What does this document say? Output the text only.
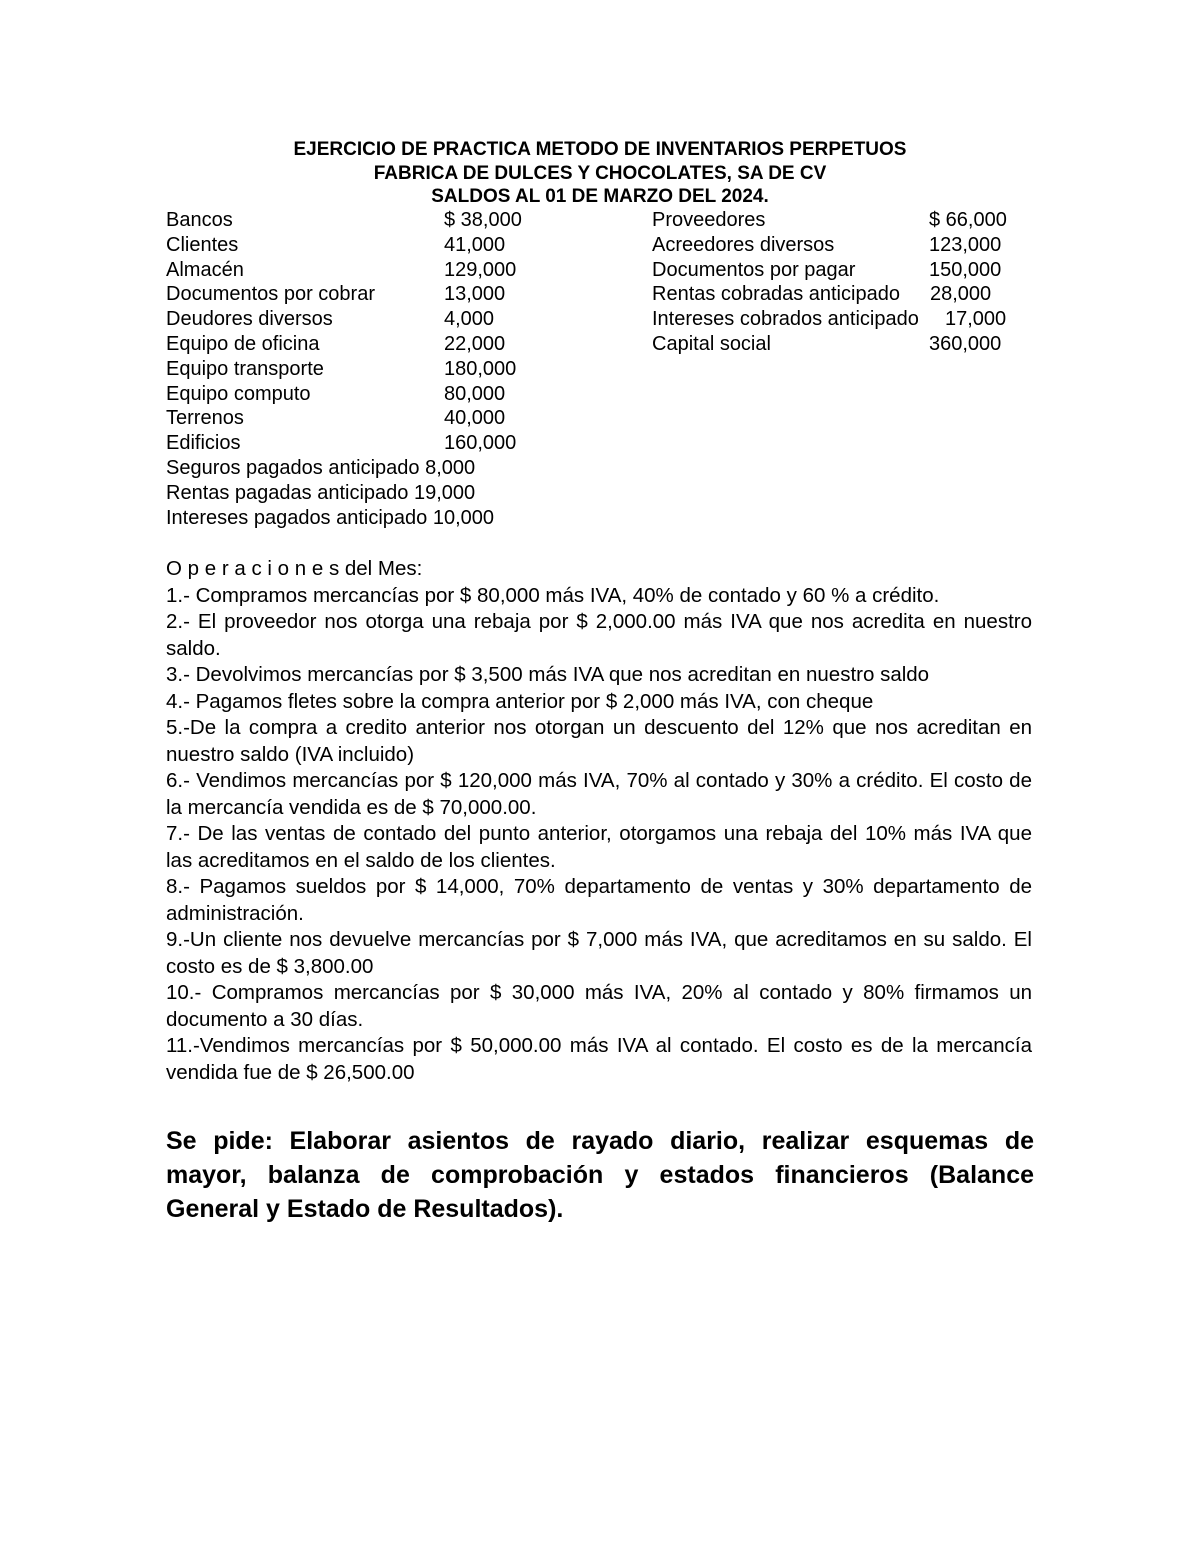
EJERCICIO DE PRACTICA METODO DE INVENTARIOS PERPETUOS
FABRICA DE DULCES Y CHOCOLATES, SA DE CV
SALDOS AL 01 DE MARZO DEL 2024.
Bancos	$ 38,000	Proveedores	$ 66,000
Clientes	41,000	Acreedores diversos	123,000
Almacén	129,000	Documentos por pagar	150,000
Documentos por cobrar	13,000	Rentas cobradas anticipado 28,000
Deudores diversos	4,000	Intereses cobrados anticipado 17,000
Equipo de oficina	22,000	Capital social	360,000
Equipo transporte	180,000
Equipo computo	80,000
Terrenos	40,000
Edificios	160,000
Seguros pagados anticipado 8,000
Rentas pagadas anticipado 19,000
Intereses pagados anticipado 10,000
O p e r a c i o n e s del Mes:
1.- Compramos mercancías por $ 80,000 más IVA, 40% de contado y 60 % a crédito.
2.- El proveedor nos otorga una rebaja por $ 2,000.00 más IVA que nos acredita en nuestro saldo.
3.- Devolvimos mercancías por $ 3,500 más IVA que nos acreditan en nuestro saldo
4.- Pagamos fletes sobre la compra anterior por $ 2,000 más IVA, con cheque
5.-De la compra a credito anterior nos otorgan un descuento del 12% que nos acreditan en nuestro saldo (IVA incluido)
6.- Vendimos mercancías por $ 120,000 más IVA, 70% al contado y 30% a crédito. El costo de la mercancía vendida es de $ 70,000.00.
7.- De las ventas de contado del punto anterior, otorgamos una rebaja del 10% más IVA que las acreditamos en el saldo de los clientes.
8.- Pagamos sueldos por $ 14,000, 70% departamento de ventas y 30% departamento de administración.
9.-Un cliente nos devuelve mercancías por $ 7,000 más IVA, que acreditamos en su saldo. El costo es de $ 3,800.00
10.- Compramos mercancías por $ 30,000 más IVA, 20% al contado y 80% firmamos un documento a 30 días.
11.-Vendimos mercancías por $ 50,000.00 más IVA al contado. El costo es de la mercancía vendida fue de $ 26,500.00
Se pide: Elaborar asientos de rayado diario, realizar esquemas de mayor, balanza de comprobación y estados financieros (Balance General y Estado de Resultados).
